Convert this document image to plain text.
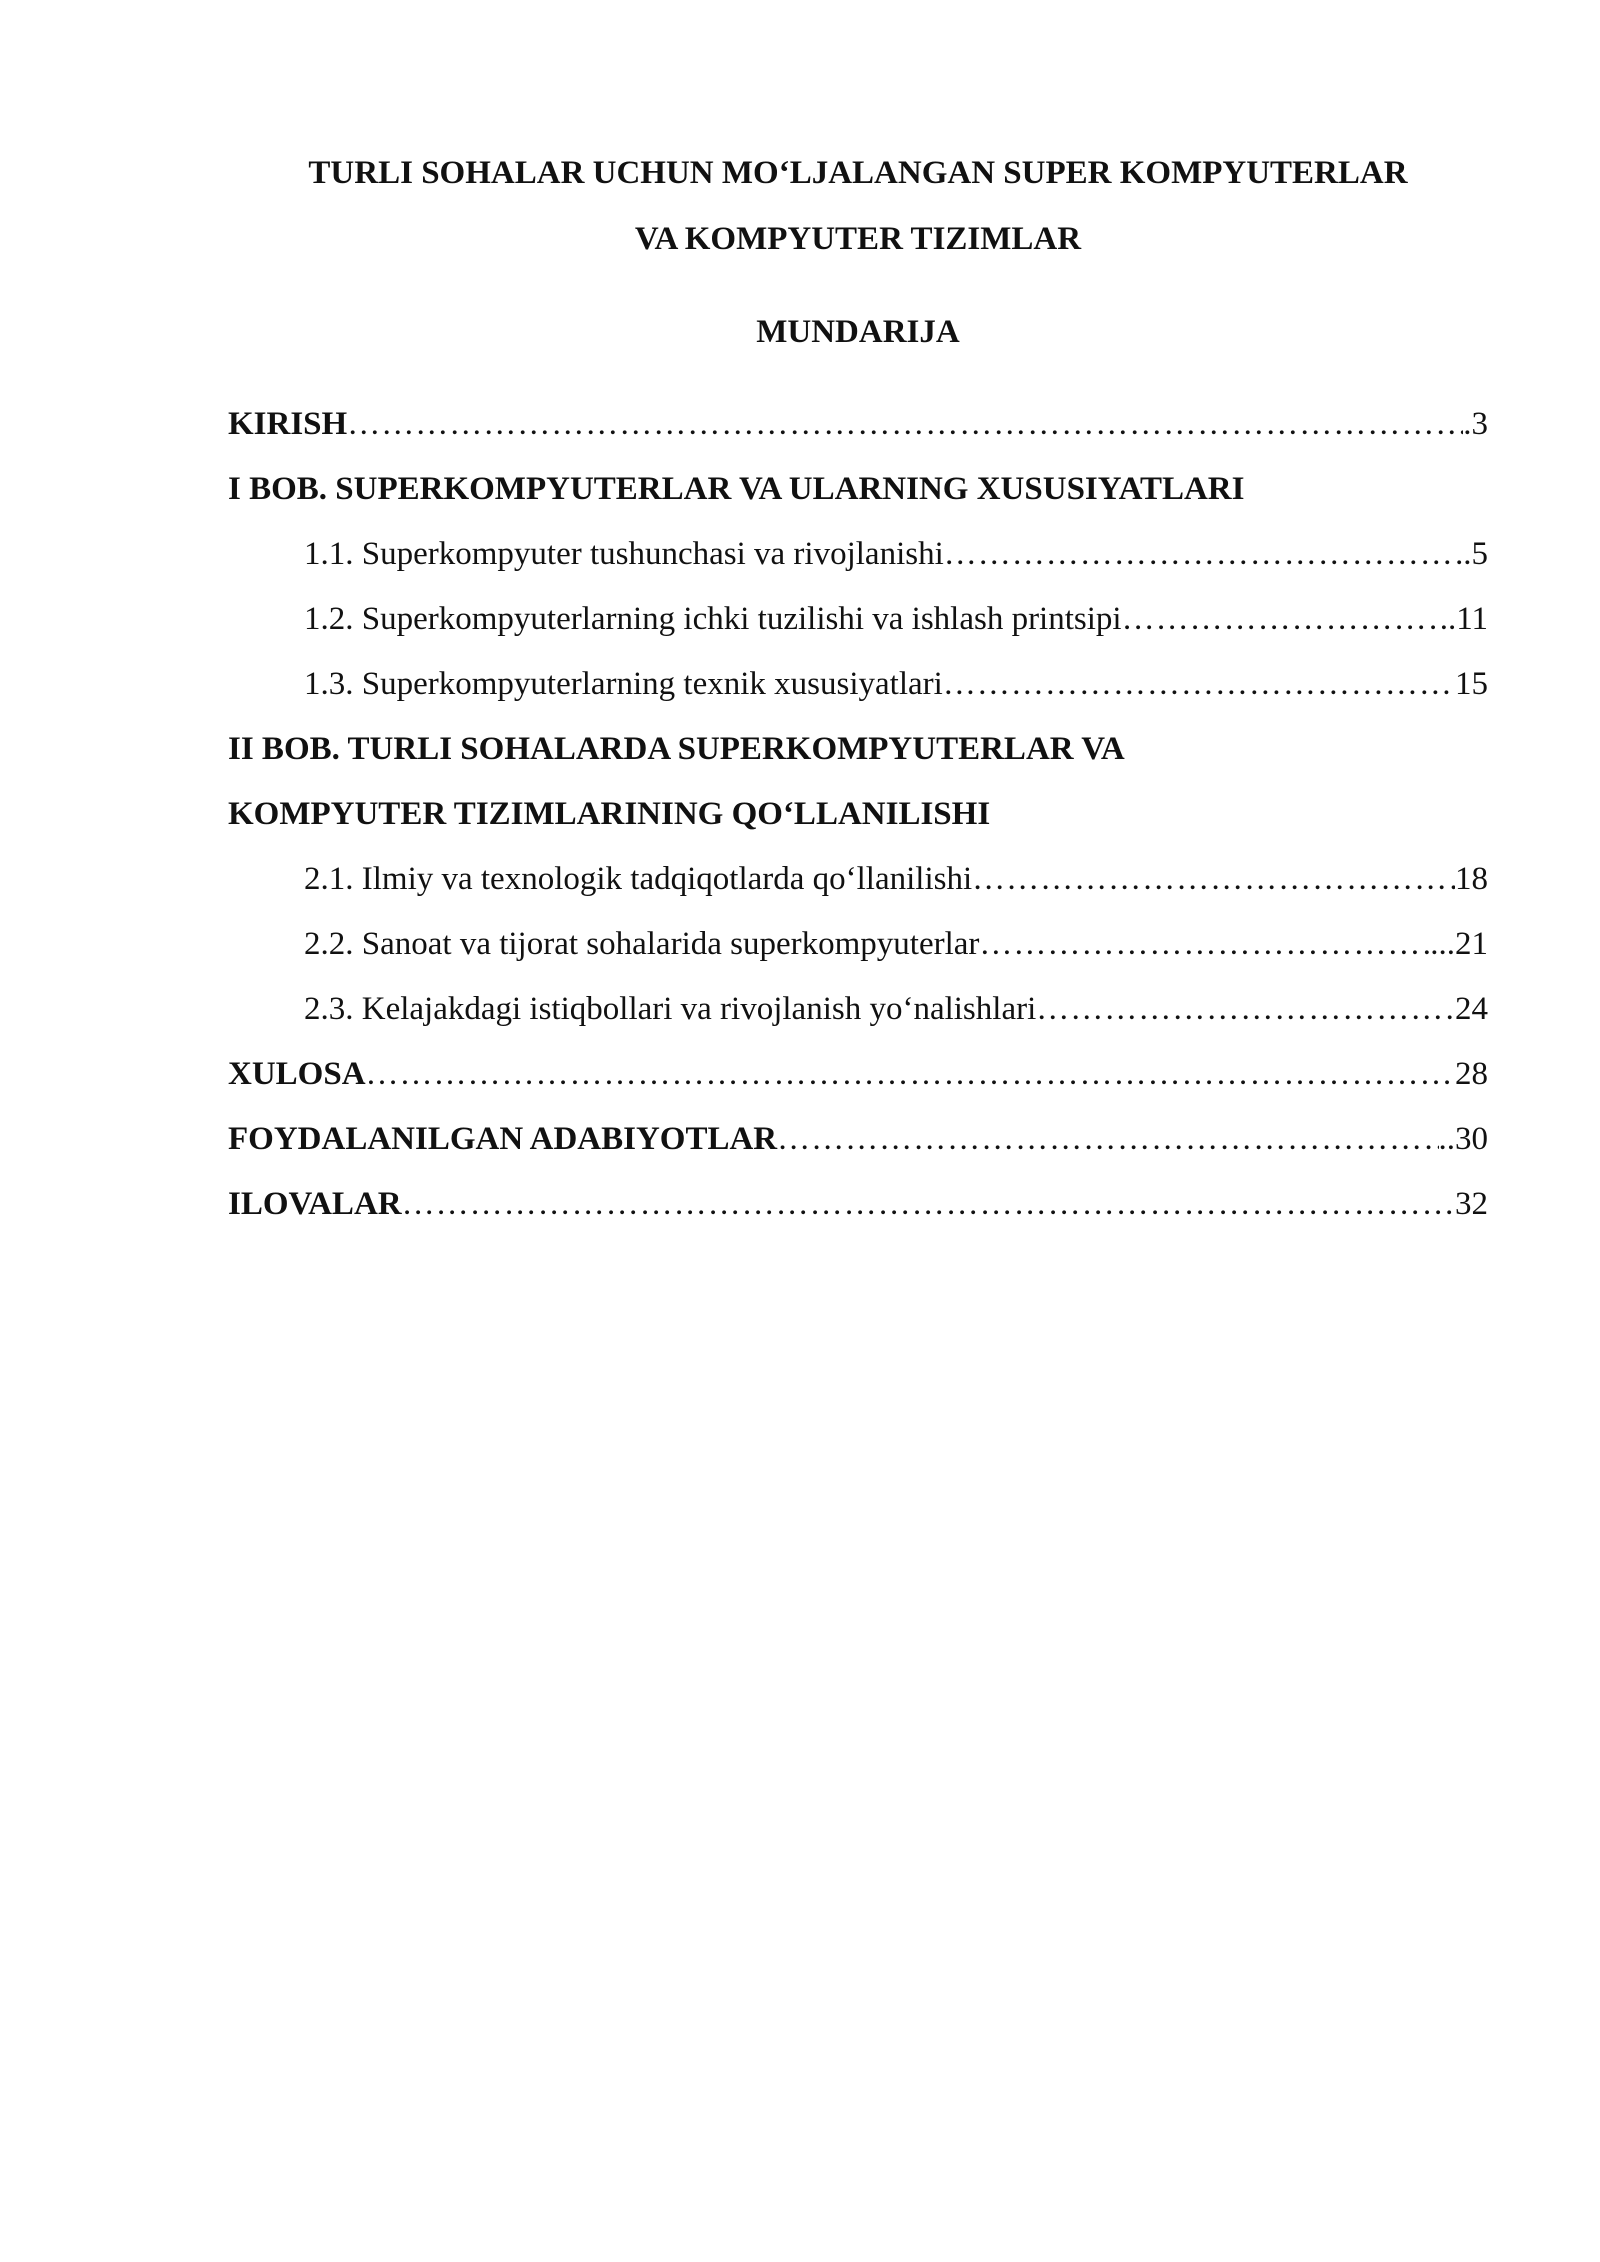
TURLI SOHALAR UCHUN MO‘LJALANGAN SUPER KOMPYUTERLAR
VA KOMPYUTER TIZIMLAR
MUNDARIJA
KIRISH ……………………………………………………………………………………………………………………………………………………………………………………………………	.3
I BOB. SUPERKOMPYUTERLAR VA ULARNING XUSUSIYATLARI
1.1. Superkompyuter tushunchasi va rivojlanishi ……………………………………………………………………………………………………………………………………………………………………………………………………	.5
1.2. Superkompyuterlarning ichki tuzilishi va ishlash printsipi ……………………………………………………………………………………………………………………………………………………………………………………………………	..11
1.3. Superkompyuterlarning texnik xususiyatlari ……………………………………………………………………………………………………………………………………………………………………………………………………	15
II BOB. TURLI SOHALARDA SUPERKOMPYUTERLAR VA
KOMPYUTER TIZIMLARINING QO‘LLANILISHI
2.1. Ilmiy va texnologik tadqiqotlarda qo‘llanilishi ……………………………………………………………………………………………………………………………………………………………………………………………………	18
2.2. Sanoat va tijorat sohalarida superkompyuterlar ……………………………………………………………………………………………………………………………………………………………………………………………………	...21
2.3. Kelajakdagi istiqbollari va rivojlanish yo‘nalishlari ……………………………………………………………………………………………………………………………………………………………………………………………………	24
XULOSA ……………………………………………………………………………………………………………………………………………………………………………………………………	28
FOYDALANILGAN ADABIYOTLAR ……………………………………………………………………………………………………………………………………………………………………………………………………	..30
ILOVALAR ……………………………………………………………………………………………………………………………………………………………………………………………………	32
